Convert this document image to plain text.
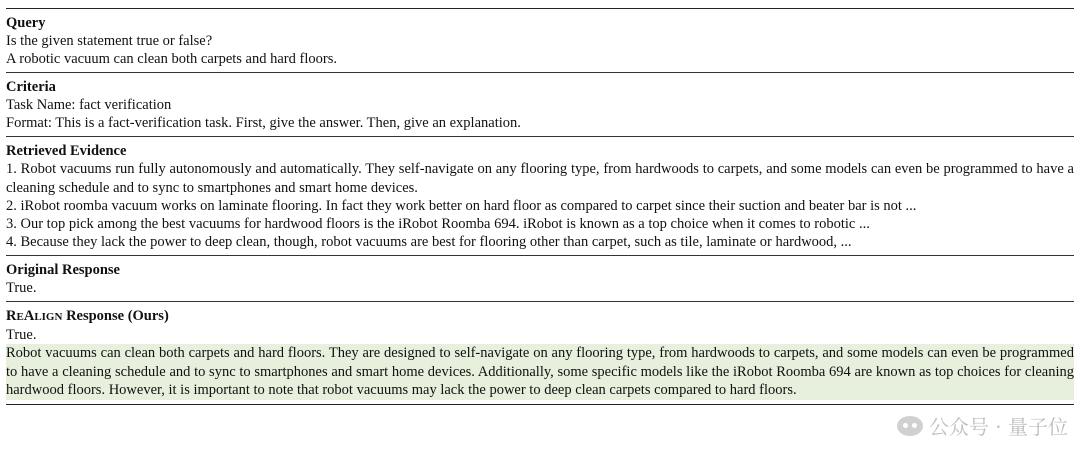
Query

Is the given statement true or false?

A robotic vacuum can clean both carpets and hard floors.

Criteria

Task Name: fact verification

Format: This is a fact-verification task. First, give the answer. Then, give an explanation.

Retrieved Evidence

1. Robot vacuums run fully autonomously and automatically. They self-navigate on any flooring type, from hardwoods to carpets, and some models can even be programmed to have a cleaning schedule and to sync to smartphones and smart home devices.

2. iRobot roomba vacuum works on laminate flooring. In fact they work better on hard floor as compared to carpet since their suction and beater bar is not ...

3. Our top pick among the best vacuums for hardwood floors is the iRobot Roomba 694. iRobot is known as a top choice when it comes to robotic ...

4. Because they lack the power to deep clean, though, robot vacuums are best for flooring other than carpet, such as tile, laminate or hardwood, ...

Original Response

True.

REALIGN Response (Ours)

True.

Robot vacuums can clean both carpets and hard floors. They are designed to self-navigate on any flooring type, from hardwoods to carpets, and some models can even be programmed to have a cleaning schedule and to sync to smartphones and smart home devices. Additionally, some specific models like the iRobot Roomba 694 are known as top choices for cleaning hardwood floors. However, it is important to note that robot vacuums may lack the power to deep clean carpets compared to hard floors.

公众号 · 量子位
